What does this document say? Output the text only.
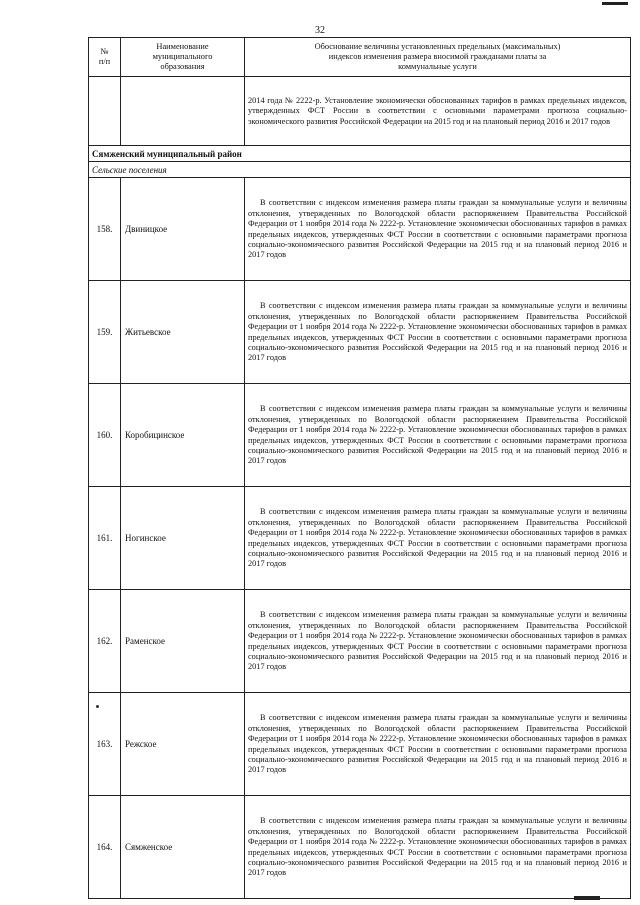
32
№
п/п	Наименование
муниципального
образования	Обоснование величины установленных предельных (максимальных)
индексов изменения размера вносимой гражданами платы за
коммунальные услуги
		2014 года № 2222-р. Установление экономически обоснованных тарифов в рамках предельных индексов, утвержденных ФСТ России в соответствии с основными параметрами прогноза социально-экономического развития Российской Федерации на 2015 год и на плановый период 2016 и 2017 годов
Сямженский муниципальный район		
Сельские поселения		
158.	Двиницкое	В соответствии с индексом изменения размера платы граждан за коммунальные услуги и величины отклонения, утвержденных по Вологодской области распоряжением Правительства Российской Федерации от 1 ноября 2014 года № 2222-р. Установление экономически обоснованных тарифов в рамках предельных индексов, утвержденных ФСТ России в соответствии с основными параметрами прогноза социально-экономического развития Российской Федерации на 2015 год и на плановый период 2016 и 2017 годов
159.	Житьевское	В соответствии с индексом изменения размера платы граждан за коммунальные услуги и величины отклонения, утвержденных по Вологодской области распоряжением Правительства Российской Федерации от 1 ноября 2014 года № 2222-р. Установление экономически обоснованных тарифов в рамках предельных индексов, утвержденных ФСТ России в соответствии с основными параметрами прогноза социально-экономического развития Российской Федерации на 2015 год и на плановый период 2016 и 2017 годов
160.	Коробицинское	В соответствии с индексом изменения размера платы граждан за коммунальные услуги и величины отклонения, утвержденных по Вологодской области распоряжением Правительства Российской Федерации от 1 ноября 2014 года № 2222-р. Установление экономически обоснованных тарифов в рамках предельных индексов, утвержденных ФСТ России в соответствии с основными параметрами прогноза социально-экономического развития Российской Федерации на 2015 год и на плановый период 2016 и 2017 годов
161.	Ногинское	В соответствии с индексом изменения размера платы граждан за коммунальные услуги и величины отклонения, утвержденных по Вологодской области распоряжением Правительства Российской Федерации от 1 ноября 2014 года № 2222-р. Установление экономически обоснованных тарифов в рамках предельных индексов, утвержденных ФСТ России в соответствии с основными параметрами прогноза социально-экономического развития Российской Федерации на 2015 год и на плановый период 2016 и 2017 годов
162.	Раменское	В соответствии с индексом изменения размера платы граждан за коммунальные услуги и величины отклонения, утвержденных по Вологодской области распоряжением Правительства Российской Федерации от 1 ноября 2014 года № 2222-р. Установление экономически обоснованных тарифов в рамках предельных индексов, утвержденных ФСТ России в соответствии с основными параметрами прогноза социально-экономического развития Российской Федерации на 2015 год и на плановый период 2016 и 2017 годов
163.	Режское	В соответствии с индексом изменения размера платы граждан за коммунальные услуги и величины отклонения, утвержденных по Вологодской области распоряжением Правительства Российской Федерации от 1 ноября 2014 года № 2222-р. Установление экономически обоснованных тарифов в рамках предельных индексов, утвержденных ФСТ России в соответствии с основными параметрами прогноза социально-экономического развития Российской Федерации на 2015 год и на плановый период 2016 и 2017 годов
164.	Сямженское	В соответствии с индексом изменения размера платы граждан за коммунальные услуги и величины отклонения, утвержденных по Вологодской области распоряжением Правительства Российской Федерации от 1 ноября 2014 года № 2222-р. Установление экономически обоснованных тарифов в рамках предельных индексов, утвержденных ФСТ России в соответствии с основными параметрами прогноза социально-экономического развития Российской Федерации на 2015 год и на плановый период 2016 и 2017 годов
